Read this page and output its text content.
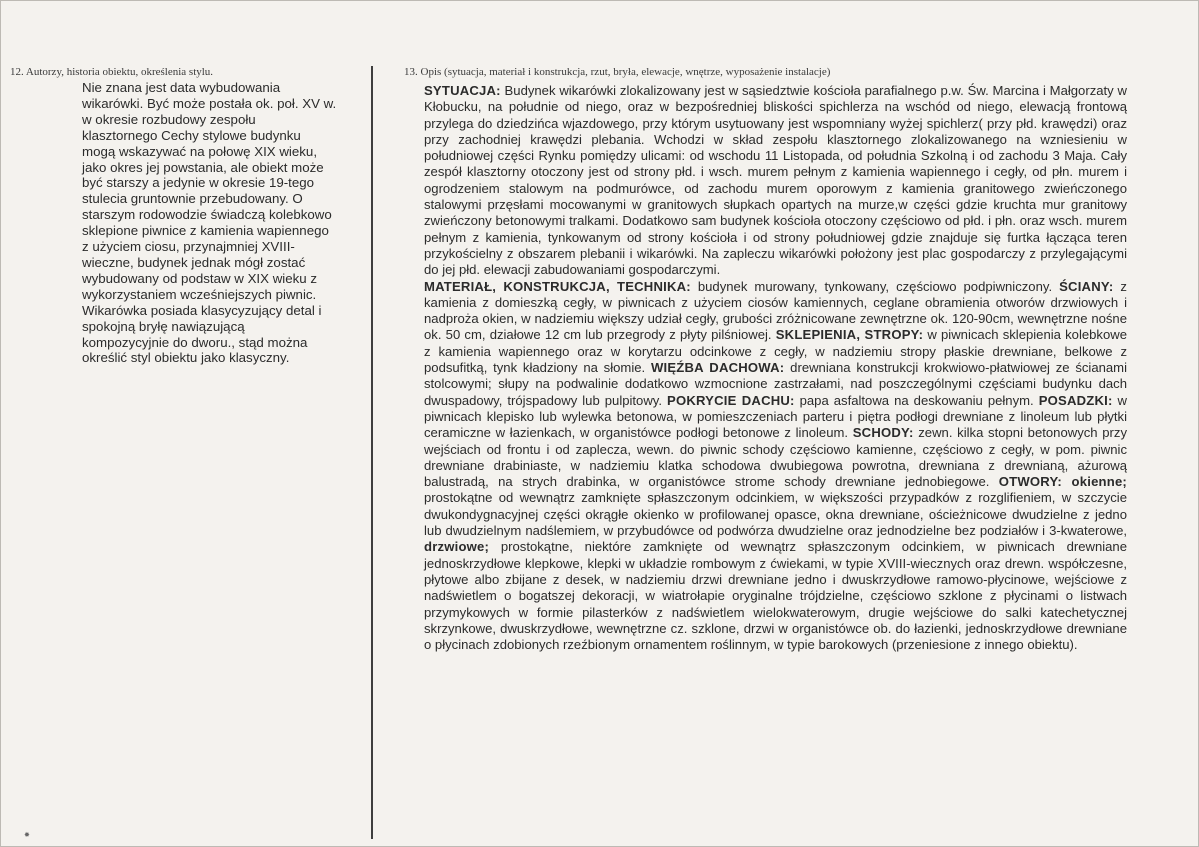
12. Autorzy, historia obiektu, określenia stylu.	13. Opis (sytuacja, materiał i konstrukcja, rzut, bryła, elewacje, wnętrze, wyposażenie instalacje)
Nie znana jest data wybudowania
wikarówki. Być może postała ok. poł. XV w.
w okresie rozbudowy zespołu
klasztornego Cechy stylowe budynku
mogą wskazywać na połowę XIX wieku,
jako okres jej powstania, ale obiekt może
być starszy a jedynie w okresie 19-tego
stulecia gruntownie przebudowany. O
starszym rodowodzie świadczą kolebkowo
sklepione piwnice z kamienia wapiennego
z użyciem ciosu, przynajmniej XVIII-
wieczne, budynek jednak mógł zostać
wybudowany od podstaw w XIX wieku z
wykorzystaniem wcześniejszych piwnic.
Wikarówka posiada klasycyzujący detal i
spokojną bryłę nawiązującą
kompozycyjnie do dworu., stąd można
określić styl obiektu jako klasyczny.

SYTUACJA: Budynek wikarówki zlokalizowany jest w sąsiedztwie kościoła parafialnego p.w. Św. Marcina i Małgorzaty w Kłobucku, na południe od niego, oraz w bezpośredniej bliskości spichlerza na wschód od niego, elewacją frontową przylega do dziedzińca wjazdowego, przy którym usytuowany jest wspomniany wyżej spichlerz( przy płd. krawędzi) oraz przy zachodniej krawędzi plebania. Wchodzi w skład zespołu klasztornego zlokalizowanego na wzniesieniu w południowej części Rynku pomiędzy ulicami: od wschodu 11 Listopada, od południa Szkolną i od zachodu 3 Maja. Cały zespół klasztorny otoczony jest od strony płd. i wsch. murem pełnym z kamienia wapiennego i cegły, od płn. murem i ogrodzeniem stalowym na podmurówce, od zachodu murem oporowym z kamienia granitowego zwieńczonego stalowymi przęsłami mocowanymi w granitowych słupkach opartych na murze,w części gdzie kruchta mur granitowy zwieńczony betonowymi tralkami. Dodatkowo sam budynek kościoła otoczony częściowo od płd. i płn. oraz wsch. murem pełnym z kamienia, tynkowanym od strony kościoła i od strony południowej gdzie znajduje się furtka łącząca teren przykościelny z obszarem plebanii i wikarówki. Na zapleczu wikarówki położony jest plac gospodarczy z przylegającymi do jej płd. elewacji zabudowaniami gospodarczymi.

MATERIAŁ, KONSTRUKCJA, TECHNIKA: budynek murowany, tynkowany, częściowo podpiwniczony. ŚCIANY: z kamienia z domieszką cegły, w piwnicach z użyciem ciosów kamiennych, ceglane obramienia otworów drzwiowych i nadproża okien, w nadziemiu większy udział cegły, grubości zróżnicowane zewnętrzne ok. 120-90cm, wewnętrzne nośne ok. 50 cm, działowe 12 cm lub przegrody z płyty pilśniowej. SKLEPIENIA, STROPY: w piwnicach sklepienia kolebkowe z kamienia wapiennego oraz w korytarzu odcinkowe z cegły, w nadziemiu stropy płaskie drewniane, belkowe z podsufitką, tynk kładziony na słomie. WIĘŹBA DACHOWA: drewniana konstrukcji krokwiowo-płatwiowej ze ścianami stolcowymi; słupy na podwalinie dodatkowo wzmocnione zastrzałami, nad poszczególnymi częściami budynku dach dwuspadowy, trójspadowy lub pulpitowy. POKRYCIE DACHU: papa asfaltowa na deskowaniu pełnym. POSADZKI: w piwnicach klepisko lub wylewka betonowa, w pomieszczeniach parteru i piętra podłogi drewniane z linoleum lub płytki ceramiczne w łazienkach, w organistówce podłogi betonowe z linoleum. SCHODY: zewn. kilka stopni betonowych przy wejściach od frontu i od zaplecza, wewn. do piwnic schody częściowo kamienne, częściowo z cegły, w pom. piwnic drewniane drabiniaste, w nadziemiu klatka schodowa dwubiegowa powrotna, drewniana z drewnianą, ażurową balustradą, na strych drabinka, w organistówce strome schody drewniane jednobiegowe. OTWORY: okienne; prostokątne od wewnątrz zamknięte spłaszczonym odcinkiem, w większości przypadków z rozglifieniem, w szczycie dwukondygnacyjnej części okrągłe okienko w profilowanej opasce, okna drewniane, ościeżnicowe dwudzielne z jedno lub dwudzielnym nadślemiem, w przybudówce od podwórza dwudzielne oraz jednodzielne bez podziałów i 3-kwaterowe, drzwiowe; prostokątne, niektóre zamknięte od wewnątrz spłaszczonym odcinkiem, w piwnicach drewniane jednoskrzydłowe klepkowe, klepki w układzie rombowym z ćwiekami, w typie XVIII-wiecznych oraz drewn. współczesne, płytowe albo zbijane z desek, w nadziemiu drzwi drewniane jedno i dwuskrzydłowe ramowo-płycinowe, wejściowe z nadświetlem o bogatszej dekoracji, w wiatrołapie oryginalne trójdzielne, częściowo szklone z płycinami o listwach przymykowych w formie pilasterków z nadświetlem wielokwaterowym, drugie wejściowe do salki katechetycznej skrzynkowe, dwuskrzydłowe, wewnętrzne cz. szklone, drzwi w organistówce ob. do łazienki, jednoskrzydłowe drewniane o płycinach zdobionych rzeźbionym ornamentem roślinnym, w typie barokowych (przeniesione z innego obiektu).

✸
